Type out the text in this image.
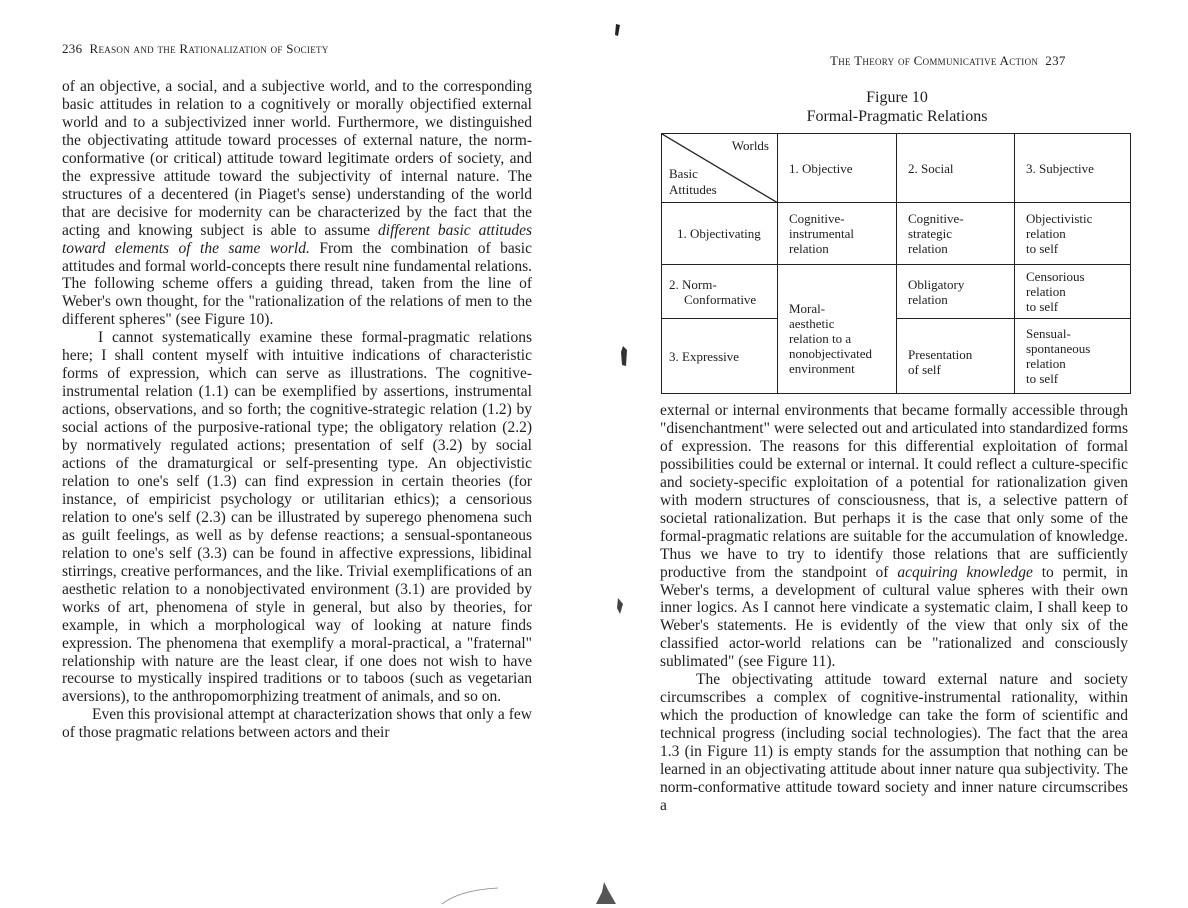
236 Reason and the Rationalization of Society
The Theory of Communicative Action 237

of an objective, a social, and a subjective world, and to the corresponding basic attitudes in relation to a cognitively or morally objectified external world and to a subjectivized inner world. Furthermore, we distinguished the objectivating attitude toward processes of external nature, the norm-conformative (or critical) attitude toward legitimate orders of society, and the expressive attitude toward the subjectivity of internal nature. The structures of a decentered (in Piaget's sense) understanding of the world that are decisive for modernity can be characterized by the fact that the acting and knowing subject is able to assume different basic attitudes toward elements of the same world. From the combination of basic attitudes and formal world-concepts there result nine fundamental relations. The following scheme offers a guiding thread, taken from the line of Weber's own thought, for the "rationalization of the relations of men to the different spheres" (see Figure 10).

I cannot systematically examine these formal-pragmatic relations here; I shall content myself with intuitive indications of characteristic forms of expression, which can serve as illustrations. The cognitive-instrumental relation (1.1) can be exemplified by assertions, instrumental actions, observations, and so forth; the cognitive-strategic relation (1.2) by social actions of the purposive-rational type; the obligatory relation (2.2) by normatively regulated actions; presentation of self (3.2) by social actions of the dramaturgical or self-presenting type. An objectivistic relation to one's self (1.3) can find expression in certain theories (for instance, of empiricist psychology or utilitarian ethics); a censorious relation to one's self (2.3) can be illustrated by superego phenomena such as guilt feelings, as well as by defense reactions; a sensual-spontaneous relation to one's self (3.3) can be found in affective expressions, libidinal stirrings, creative performances, and the like. Trivial exemplifications of an aesthetic relation to a nonobjectivated environment (3.1) are provided by works of art, phenomena of style in general, but also by theories, for example, in which a morphological way of looking at nature finds expression. The phenomena that exemplify a moral-practical, a "fraternal" relationship with nature are the least clear, if one does not wish to have recourse to mystically inspired traditions or to taboos (such as vegetarian aversions), to the anthropomorphizing treatment of animals, and so on.

Even this provisional attempt at characterization shows that only a few of those pragmatic relations between actors and their

Figure 10
Formal-Pragmatic Relations
Worlds
Basic
Attitudes	1. Objective	2. Social	3. Subjective
1. Objectivating	Cognitive-
instrumental
relation	Cognitive-
strategic
relation	Objectivistic
relation
to self
2. Norm-
Conformative	Moral-
aesthetic
relation to a
nonobjectivated
environment	Obligatory
relation	Censorious
relation
to self
3. Expressive		Presentation
of self	Sensual-
spontaneous
relation
to self

external or internal environments that became formally accessible through "disenchantment" were selected out and articulated into standardized forms of expression. The reasons for this differential exploitation of formal possibilities could be external or internal. It could reflect a culture-specific and society-specific exploitation of a potential for rationalization given with modern structures of consciousness, that is, a selective pattern of societal rationalization. But perhaps it is the case that only some of the formal-pragmatic relations are suitable for the accumulation of knowledge. Thus we have to try to identify those relations that are sufficiently productive from the standpoint of acquiring knowledge to permit, in Weber's terms, a development of cultural value spheres with their own inner logics. As I cannot here vindicate a systematic claim, I shall keep to Weber's statements. He is evidently of the view that only six of the classified actor-world relations can be "rationalized and consciously sublimated" (see Figure 11).

The objectivating attitude toward external nature and society circumscribes a complex of cognitive-instrumental rationality, within which the production of knowledge can take the form of scientific and technical progress (including social technologies). The fact that the area 1.3 (in Figure 11) is empty stands for the assumption that nothing can be learned in an objectivating attitude about inner nature qua subjectivity. The norm-conformative attitude toward society and inner nature circumscribes a
